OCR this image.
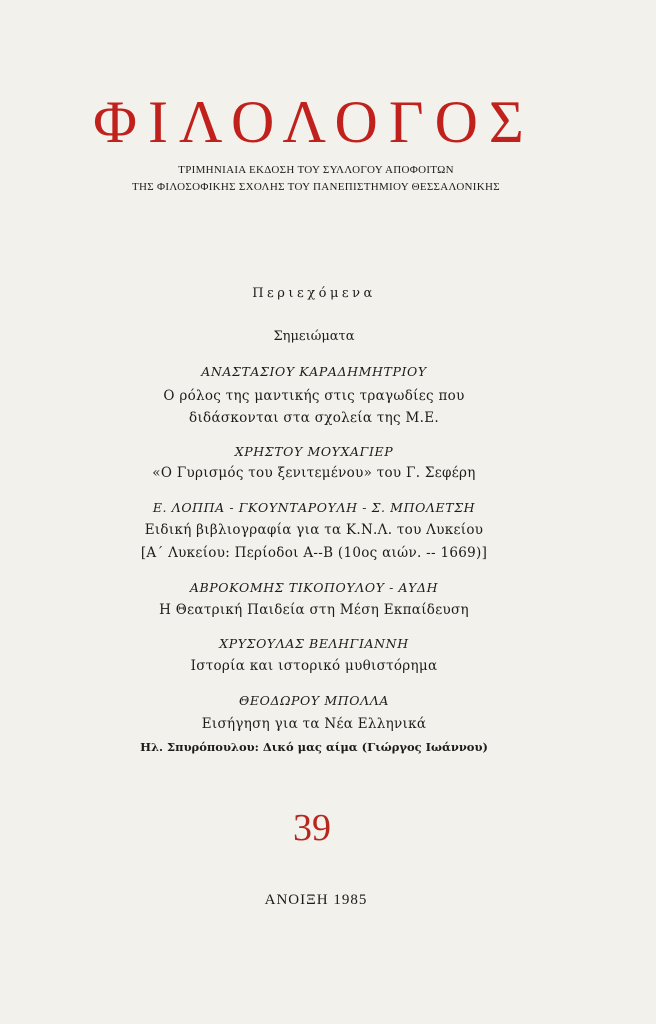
ΦΙΛΟΛΟΓΟΣ
ΤΡΙΜΗΝΙΑΙΑ ΕΚΔΟΣΗ ΤΟΥ ΣΥΛΛΟΓΟΥ ΑΠΟΦΟΙΤΩΝ
ΤΗΣ ΦΙΛΟΣΟΦΙΚΗΣ ΣΧΟΛΗΣ ΤΟΥ ΠΑΝΕΠΙΣΤΗΜΙΟΥ ΘΕΣΣΑΛΟΝΙΚΗΣ
Περιεχόμενα
Σημειώματα
ΑΝΑΣΤΑΣΙΟΥ ΚΑΡΑΔΗΜΗΤΡΙΟΥ
Ο ρόλος της μαντικής στις τραγωδίες που
διδάσκονται στα σχολεία της Μ.Ε.
ΧΡΗΣΤΟΥ ΜΟΥΧΑΓΙΕΡ
«Ο Γυρισμός του ξενιτεμένου» του Γ. Σεφέρη
Ε. ΛΟΠΠΑ - ΓΚΟΥΝΤΑΡΟΥΛΗ - Σ. ΜΠΟΛΕΤΣΗ
Ειδική βιβλιογραφία για τα Κ.Ν.Λ. του Λυκείου
[Α΄ Λυκείου: Περίοδοι Α--Β (10ος αιών. -- 1669)]
ΑΒΡΟΚΟΜΗΣ ΤΙΚΟΠΟΥΛΟΥ - ΑΥΔΗ
Η Θεατρική Παιδεία στη Μέση Εκπαίδευση
ΧΡΥΣΟΥΛΑΣ ΒΕΛΗΓΙΑΝΝΗ
Ιστορία και ιστορικό μυθιστόρημα
ΘΕΟΔΩΡΟΥ ΜΠΟΛΛΑ
Εισήγηση για τα Νέα Ελληνικά
Ηλ. Σπυρόπουλου: Δικό μας αίμα (Γιώργος Ιωάννου)
39
ΑΝΟΙΞΗ 1985
